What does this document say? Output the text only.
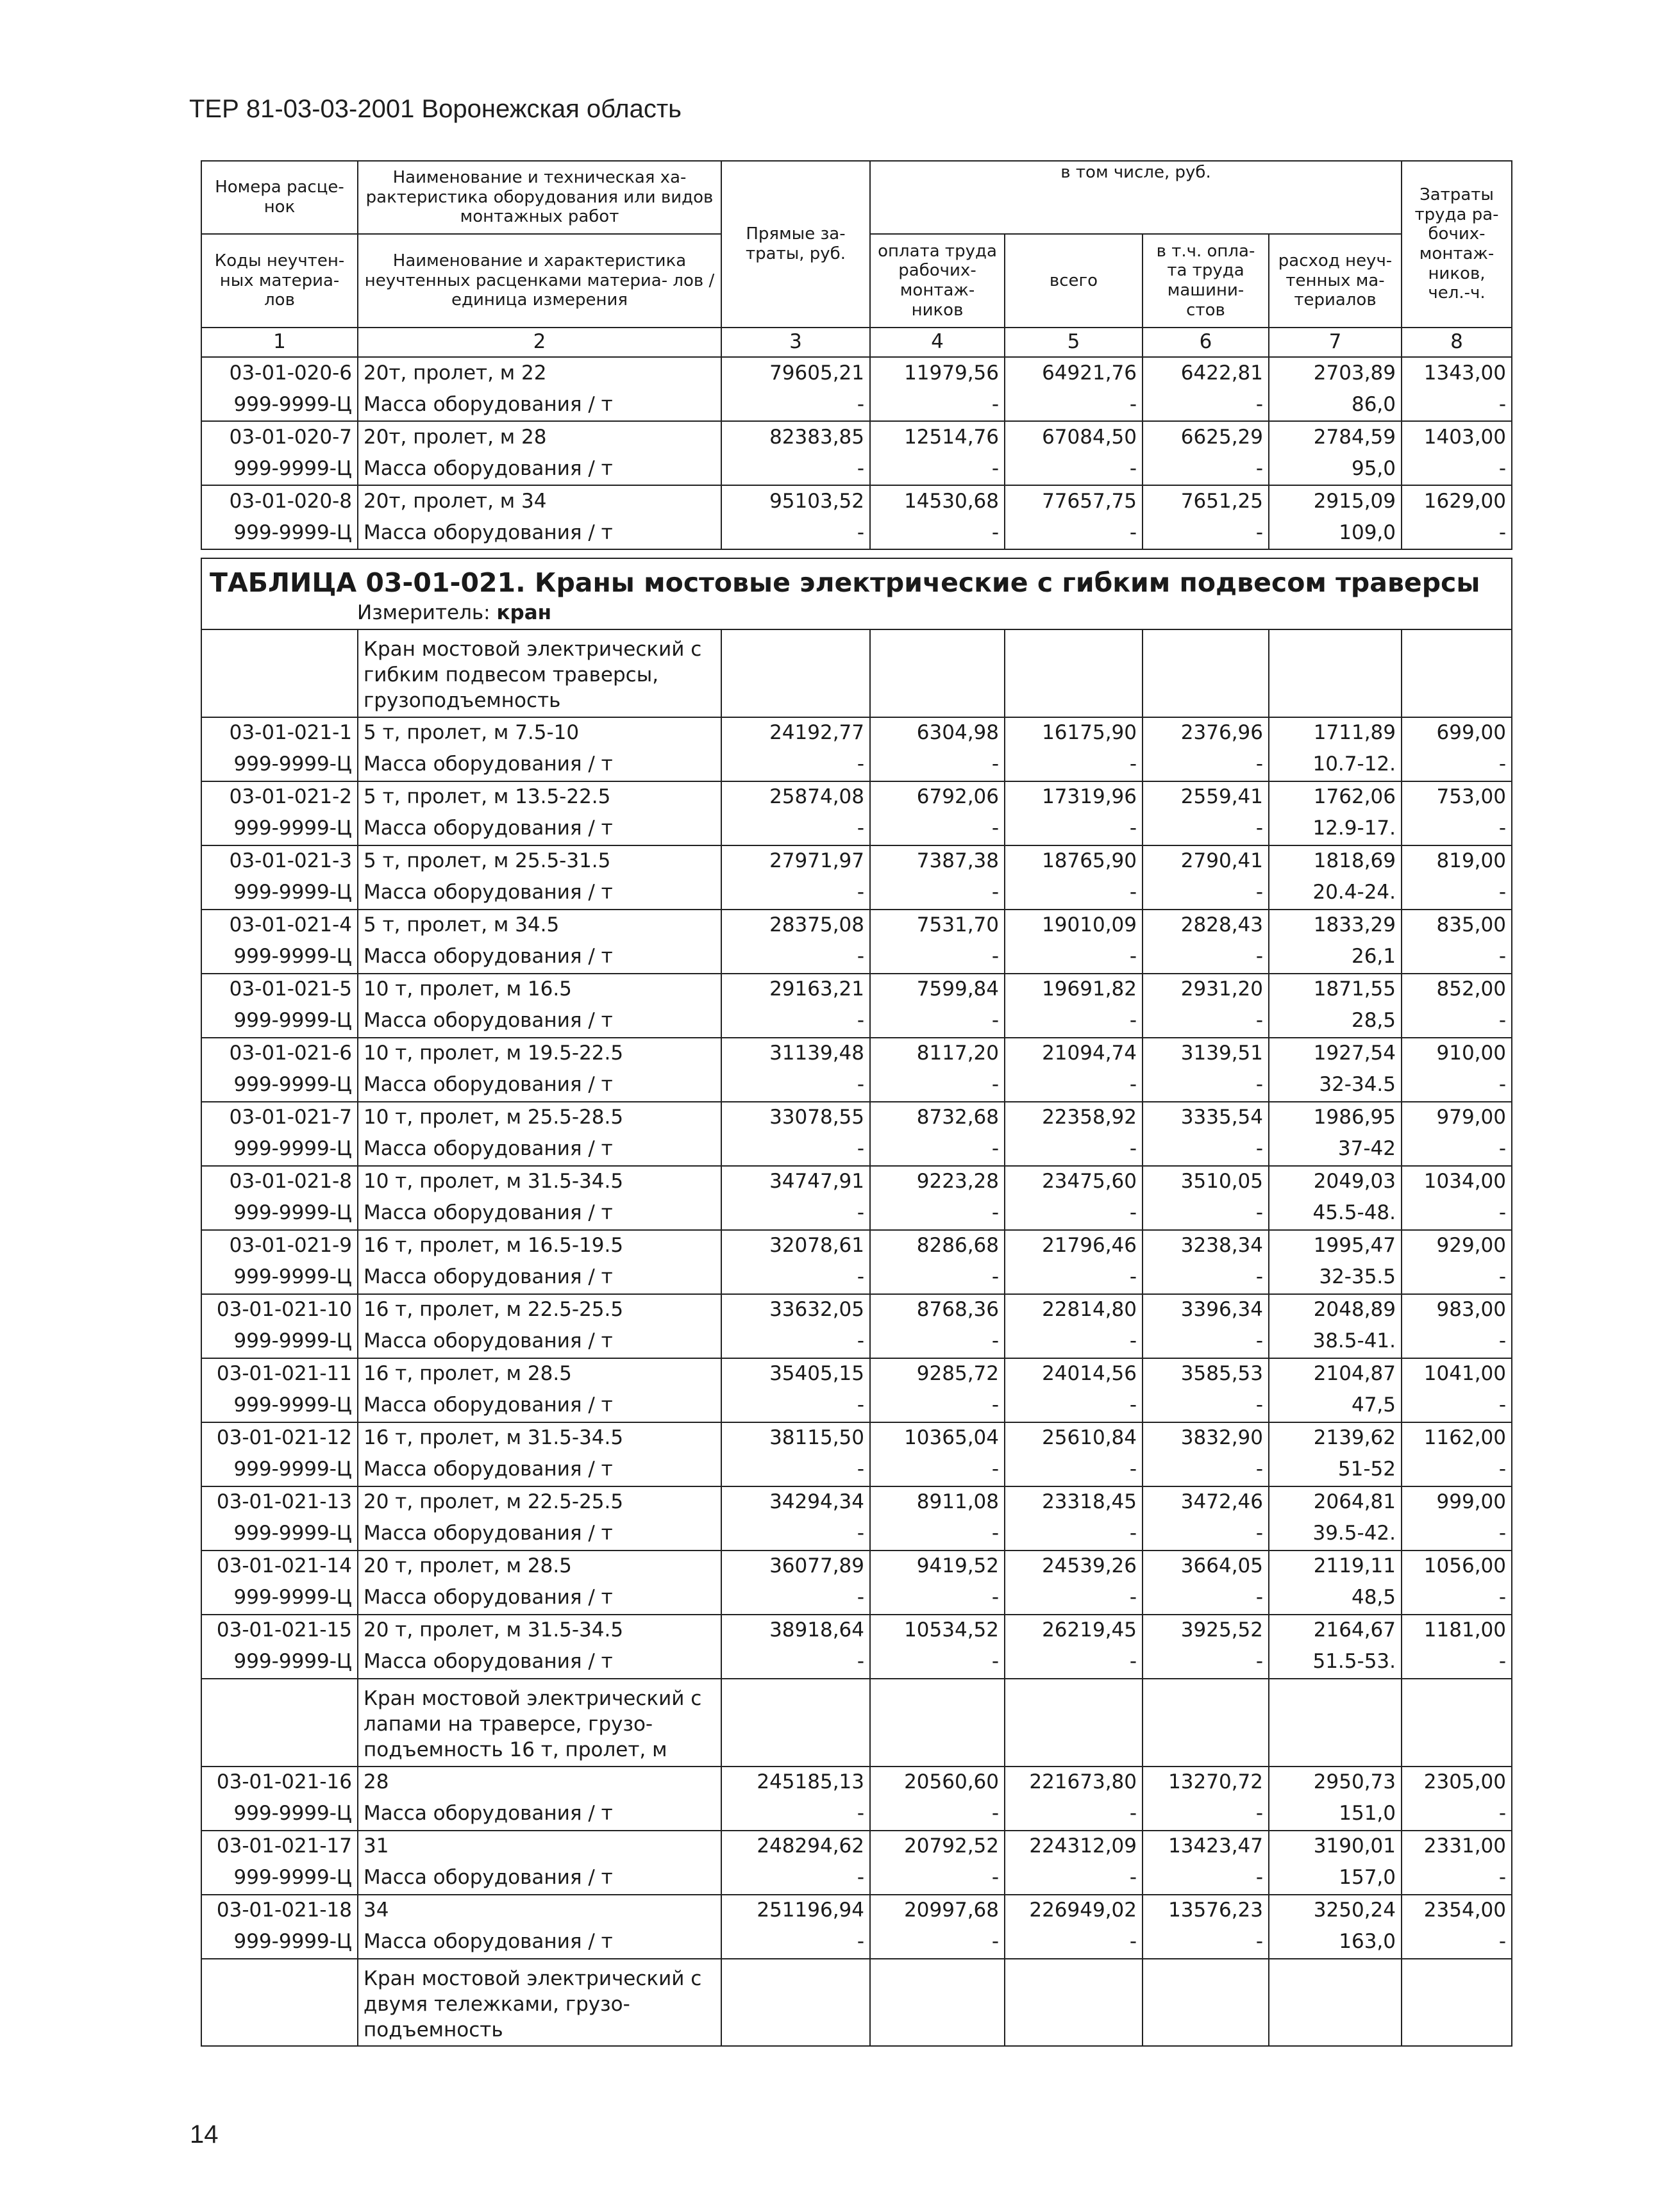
ТЕР 81-03-03-2001 Воронежская область
Номера расце- нок	Наименование и техническая ха- рактеристика оборудования или видов монтажных работ	Прямые за- траты, руб.	в том числе, руб.				Затраты труда ра- бочих- монтаж- ников, чел.-ч.
Коды неучтен- ных материа- лов	Наименование и характеристика неучтенных расценками материа- лов / единица измерения		оплата труда рабочих- монтаж- ников	всего	в т.ч. опла- та труда машини- стов	расход неуч- тенных ма- териалов	
1	2	3	4	5	6	7	8
03-01-020-6	20т, пролет, м 22	79605,21	11979,56	64921,76	6422,81	2703,89	1343,00
999-9999-Ц	Масса оборудования / т	-	-	-	-	86,0	-
03-01-020-7	20т, пролет, м 28	82383,85	12514,76	67084,50	6625,29	2784,59	1403,00
999-9999-Ц	Масса оборудования / т	-	-	-	-	95,0	-
03-01-020-8	20т, пролет, м 34	95103,52	14530,68	77657,75	7651,25	2915,09	1629,00
999-9999-Ц	Масса оборудования / т	-	-	-	-	109,0	-
ТАБЛИЦА 03-01-021. Краны мостовые электрические с гибким подвесом траверсы							
Измеритель: кран							
	Кран мостовой электрический с гибким подвесом траверсы, грузоподъемность						
03-01-021-1	5 т, пролет, м 7.5-10	24192,77	6304,98	16175,90	2376,96	1711,89	699,00
999-9999-Ц	Масса оборудования / т	-	-	-	-	10.7-12.	-
03-01-021-2	5 т, пролет, м 13.5-22.5	25874,08	6792,06	17319,96	2559,41	1762,06	753,00
999-9999-Ц	Масса оборудования / т	-	-	-	-	12.9-17.	-
03-01-021-3	5 т, пролет, м 25.5-31.5	27971,97	7387,38	18765,90	2790,41	1818,69	819,00
999-9999-Ц	Масса оборудования / т	-	-	-	-	20.4-24.	-
03-01-021-4	5 т, пролет, м 34.5	28375,08	7531,70	19010,09	2828,43	1833,29	835,00
999-9999-Ц	Масса оборудования / т	-	-	-	-	26,1	-
03-01-021-5	10 т, пролет, м 16.5	29163,21	7599,84	19691,82	2931,20	1871,55	852,00
999-9999-Ц	Масса оборудования / т	-	-	-	-	28,5	-
03-01-021-6	10 т, пролет, м 19.5-22.5	31139,48	8117,20	21094,74	3139,51	1927,54	910,00
999-9999-Ц	Масса оборудования / т	-	-	-	-	32-34.5	-
03-01-021-7	10 т, пролет, м 25.5-28.5	33078,55	8732,68	22358,92	3335,54	1986,95	979,00
999-9999-Ц	Масса оборудования / т	-	-	-	-	37-42	-
03-01-021-8	10 т, пролет, м 31.5-34.5	34747,91	9223,28	23475,60	3510,05	2049,03	1034,00
999-9999-Ц	Масса оборудования / т	-	-	-	-	45.5-48.	-
03-01-021-9	16 т, пролет, м 16.5-19.5	32078,61	8286,68	21796,46	3238,34	1995,47	929,00
999-9999-Ц	Масса оборудования / т	-	-	-	-	32-35.5	-
03-01-021-10	16 т, пролет, м 22.5-25.5	33632,05	8768,36	22814,80	3396,34	2048,89	983,00
999-9999-Ц	Масса оборудования / т	-	-	-	-	38.5-41.	-
03-01-021-11	16 т, пролет, м 28.5	35405,15	9285,72	24014,56	3585,53	2104,87	1041,00
999-9999-Ц	Масса оборудования / т	-	-	-	-	47,5	-
03-01-021-12	16 т, пролет, м 31.5-34.5	38115,50	10365,04	25610,84	3832,90	2139,62	1162,00
999-9999-Ц	Масса оборудования / т	-	-	-	-	51-52	-
03-01-021-13	20 т, пролет, м 22.5-25.5	34294,34	8911,08	23318,45	3472,46	2064,81	999,00
999-9999-Ц	Масса оборудования / т	-	-	-	-	39.5-42.	-
03-01-021-14	20 т, пролет, м 28.5	36077,89	9419,52	24539,26	3664,05	2119,11	1056,00
999-9999-Ц	Масса оборудования / т	-	-	-	-	48,5	-
03-01-021-15	20 т, пролет, м 31.5-34.5	38918,64	10534,52	26219,45	3925,52	2164,67	1181,00
999-9999-Ц	Масса оборудования / т	-	-	-	-	51.5-53.	-
	Кран мостовой электрический с лапами на траверсе, грузо- подъемность 16 т, пролет, м						
03-01-021-16	28	245185,13	20560,60	221673,80	13270,72	2950,73	2305,00
999-9999-Ц	Масса оборудования / т	-	-	-	-	151,0	-
03-01-021-17	31	248294,62	20792,52	224312,09	13423,47	3190,01	2331,00
999-9999-Ц	Масса оборудования / т	-	-	-	-	157,0	-
03-01-021-18	34	251196,94	20997,68	226949,02	13576,23	3250,24	2354,00
999-9999-Ц	Масса оборудования / т	-	-	-	-	163,0	-
	Кран мостовой электрический с двумя тележками, грузо- подъемность						
14
